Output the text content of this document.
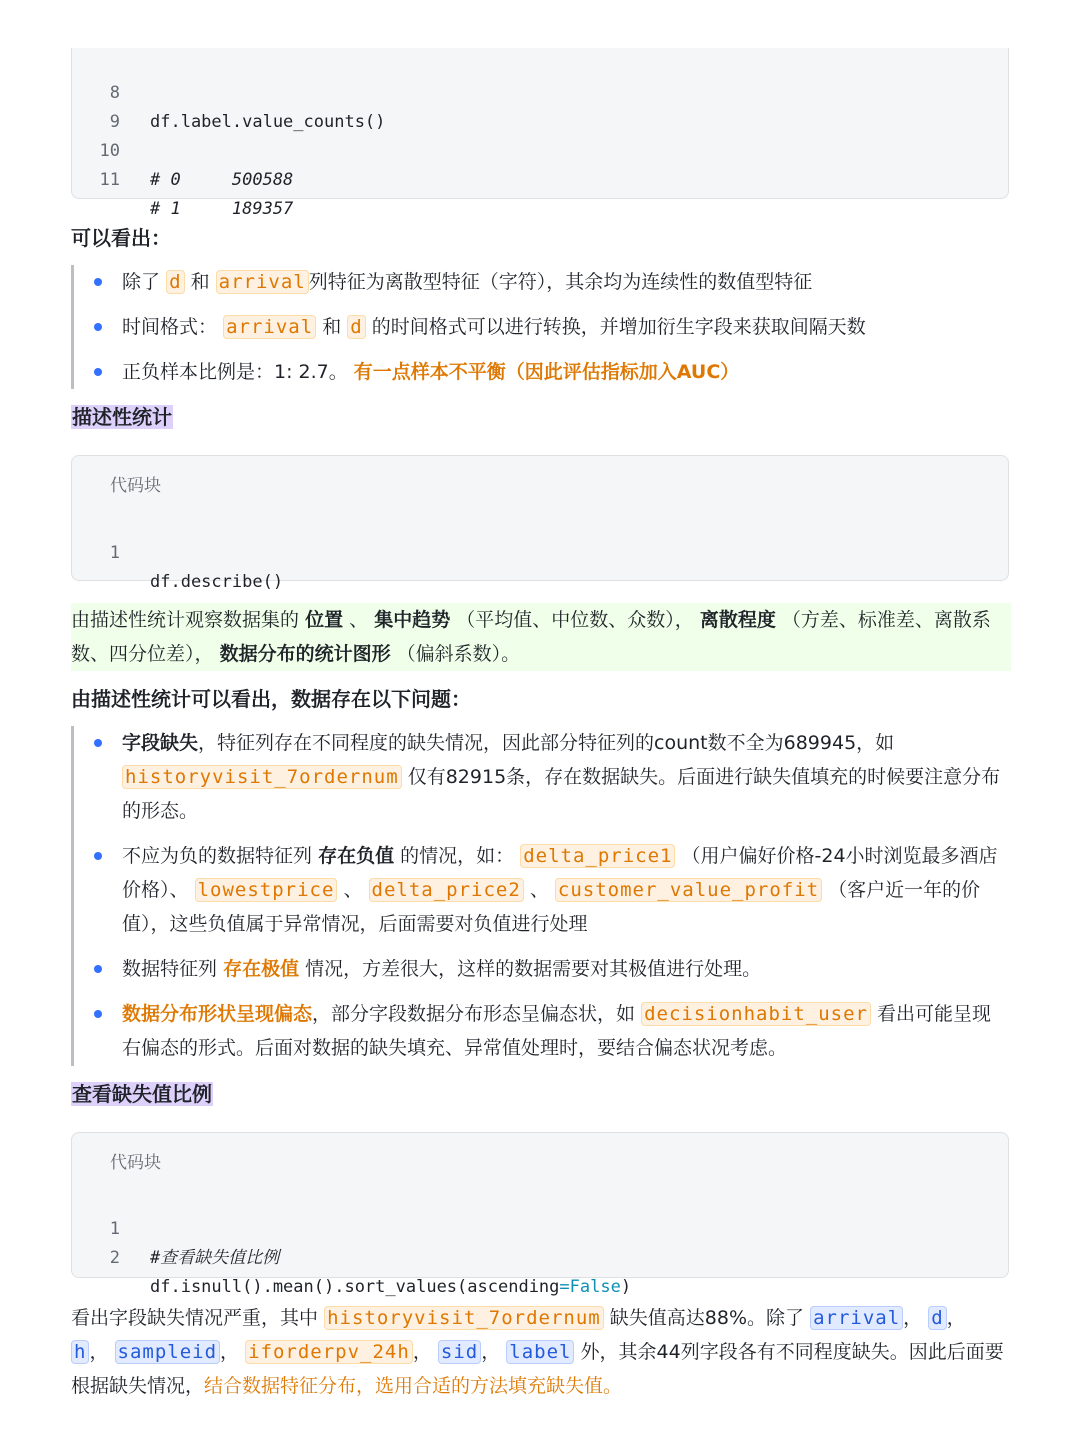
8

df.label.value_counts()

9

10

# 0     500588

11

# 1     189357

可以看出：
除了 d 和 arrival 列特征为离散型特征（字符），其余均为连续性的数值型特征
时间格式： arrival 和 d 的时间格式可以进行转换，并增加衍生字段来获取间隔天数
正负样本比例是：1: 2.7。 有一点样本不平衡（因此评估指标加入AUC）
描述性统计
代码块

1

df.describe()

由描述性统计观察数据集的 位置 、 集中趋势 （平均值、中位数、众数）， 离散程度 （方差、标准差、离散系数、四分位差）， 数据分布的统计图形 （偏斜系数）。
由描述性统计可以看出，数据存在以下问题：
字段缺失，特征列存在不同程度的缺失情况，因此部分特征列的count数不全为689945，如 historyvisit_7ordernum 仅有82915条，存在数据缺失。后面进行缺失值填充的时候要注意分布的形态。
不应为负的数据特征列 存在负值 的情况，如： delta_price1 （用户偏好价格-24小时浏览最多酒店价格）、 lowestprice 、 delta_price2 、 customer_value_profit （客户近一年的价值），这些负值属于异常情况，后面需要对负值进行处理
数据特征列 存在极值 情况，方差很大，这样的数据需要对其极值进行处理。
数据分布形状呈现偏态，部分字段数据分布形态呈偏态状，如 decisionhabit_user 看出可能呈现右偏态的形式。后面对数据的缺失填充、异常值处理时，要结合偏态状况考虑。
查看缺失值比例
代码块

1

#查看缺失值比例

2

df.isnull().mean().sort_values(ascending=False)

看出字段缺失情况严重，其中 historyvisit_7ordernum 缺失值高达88%。除了 arrival ， d ， h ， sampleid ， iforderpv_24h ， sid ， label 外，其余44列字段各有不同程度缺失。因此后面要根据缺失情况，结合数据特征分布，选用合适的方法填充缺失值。
